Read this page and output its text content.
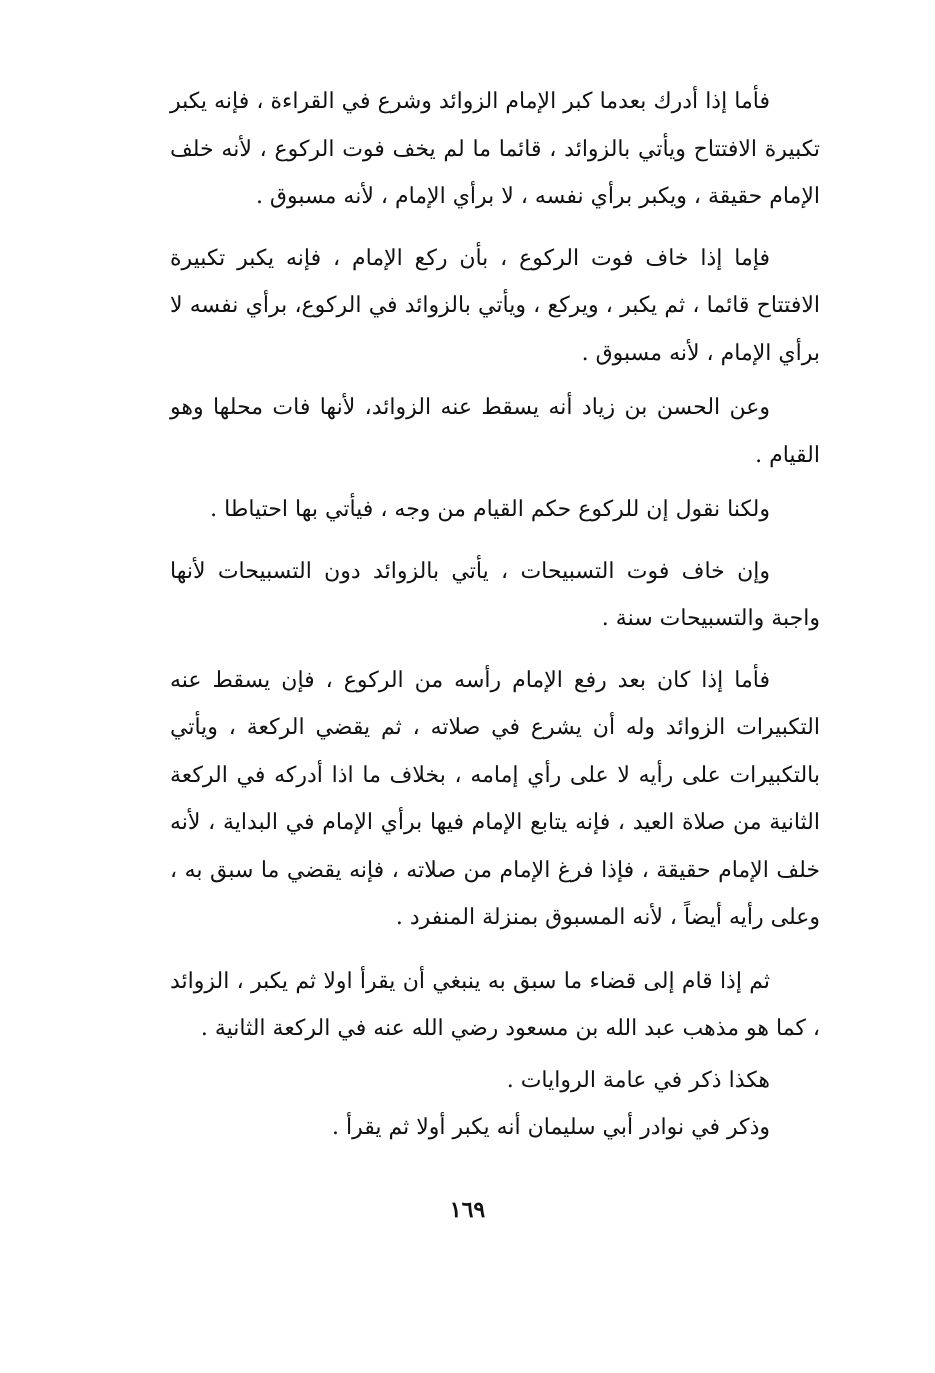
فأما إذا أدرك بعدما كبر الإمام الزوائد وشرع في القراءة ، فإنه يكبر تكبيرة الافتتاح ويأتي بالزوائد ، قائما ما لم يخف فوت الركوع ، لأنه خلف الإمام حقيقة ، ويكبر برأي نفسه ، لا برأي الإمام ، لأنه مسبوق .

فإما إذا خاف فوت الركوع ، بأن ركع الإمام ، فإنه يكبر تكبيرة الافتتاح قائما ، ثم يكبر ، ويركع ، ويأتي بالزوائد في الركوع، برأي نفسه لا برأي الإمام ، لأنه مسبوق .

وعن الحسن بن زياد أنه يسقط عنه الزوائد، لأنها فات محلها وهو القيام .

ولكنا نقول إن للركوع حكم القيام من وجه ، فيأتي بها احتياطا .

وإن خاف فوت التسبيحات ، يأتي بالزوائد دون التسبيحات لأنها واجبة والتسبيحات سنة .

فأما إذا كان بعد رفع الإمام رأسه من الركوع ، فإن يسقط عنه التكبيرات الزوائد وله أن يشرع في صلاته ، ثم يقضي الركعة ، ويأتي بالتكبيرات على رأيه لا على رأي إمامه ، بخلاف ما اذا أدركه في الركعة الثانية من صلاة العيد ، فإنه يتابع الإمام فيها برأي الإمام في البداية ، لأنه خلف الإمام حقيقة ، فإذا فرغ الإمام من صلاته ، فإنه يقضي ما سبق به ، وعلى رأيه أيضاً ، لأنه المسبوق بمنزلة المنفرد .

ثم إذا قام إلى قضاء ما سبق به ينبغي أن يقرأ اولا ثم يكبر ، الزوائد ، كما هو مذهب عبد الله بن مسعود رضي الله عنه في الركعة الثانية .

هكذا ذكر في عامة الروايات .

وذكر في نوادر أبي سليمان أنه يكبر أولا ثم يقرأ .

١٦٩
